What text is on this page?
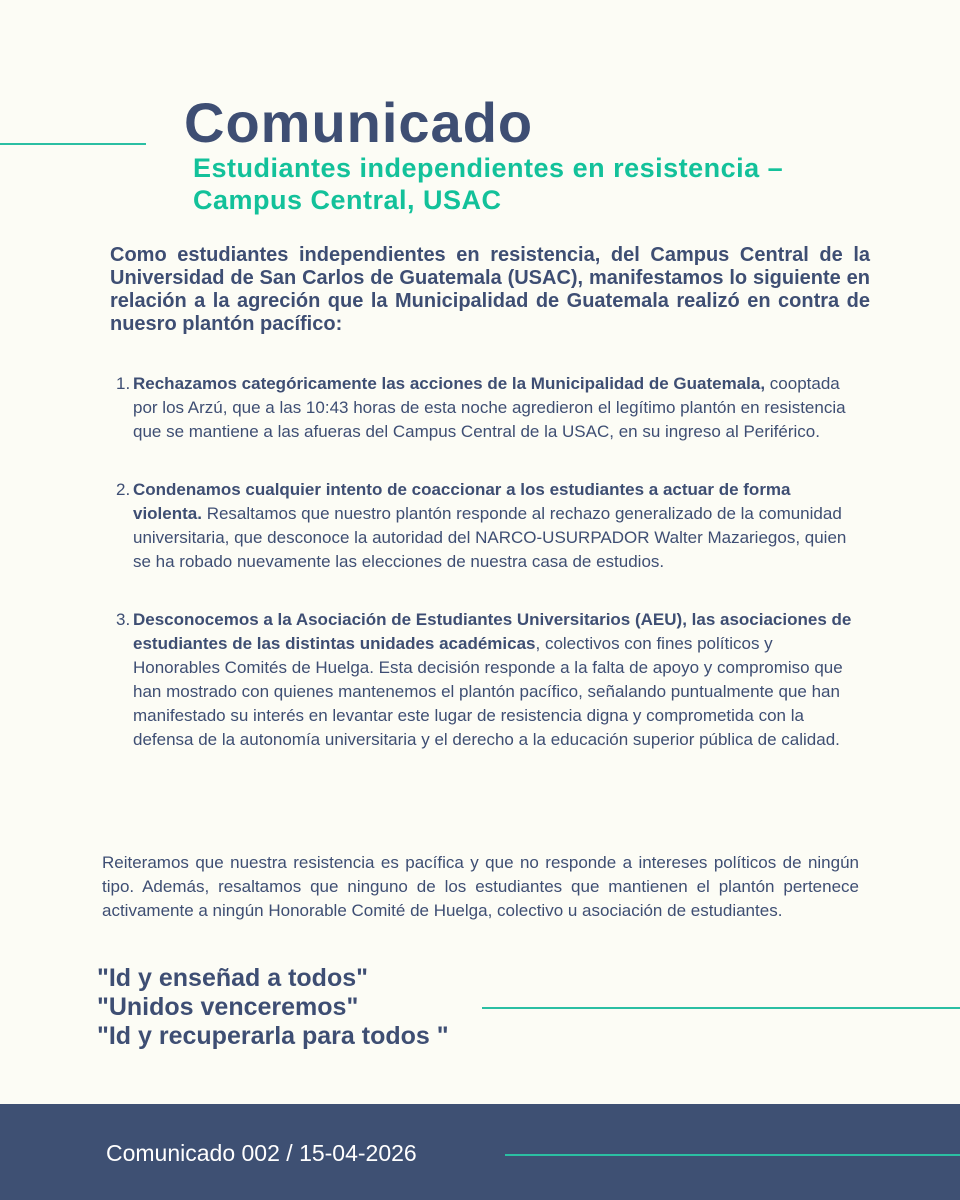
Comunicado
Estudiantes independientes en resistencia – Campus Central, USAC

Como estudiantes independientes en resistencia, del Campus Central de la Universidad de San Carlos de Guatemala (USAC), manifestamos lo siguiente en relación a la agreción que la Municipalidad de Guatemala realizó en contra de nuesro plantón pacífico:

1. Rechazamos categóricamente las acciones de la Municipalidad de Guatemala, cooptada por los Arzú, que a las 10:43 horas de esta noche agredieron el legítimo plantón en resistencia que se mantiene a las afueras del Campus Central de la USAC, en su ingreso al Periférico.
2. Condenamos cualquier intento de coaccionar a los estudiantes a actuar de forma violenta. Resaltamos que nuestro plantón responde al rechazo generalizado de la comunidad universitaria, que desconoce la autoridad del NARCO-USURPADOR Walter Mazariegos, quien se ha robado nuevamente las elecciones de nuestra casa de estudios.
3. Desconocemos a la Asociación de Estudiantes Universitarios (AEU), las asociaciones de estudiantes de las distintas unidades académicas, colectivos con fines políticos y Honorables Comités de Huelga. Esta decisión responde a la falta de apoyo y compromiso que han mostrado con quienes mantenemos el plantón pacífico, señalando puntualmente que han manifestado su interés en levantar este lugar de resistencia digna y comprometida con la defensa de la autonomía universitaria y el derecho a la educación superior pública de calidad.

Reiteramos que nuestra resistencia es pacífica y que no responde a intereses políticos de ningún tipo. Además, resaltamos que ninguno de los estudiantes que mantienen el plantón pertenece activamente a ningún Honorable Comité de Huelga, colectivo u asociación de estudiantes.

"Id y enseñad a todos"
"Unidos venceremos"
"Id y recuperarla para todos "
Comunicado 002 / 15-04-2026
